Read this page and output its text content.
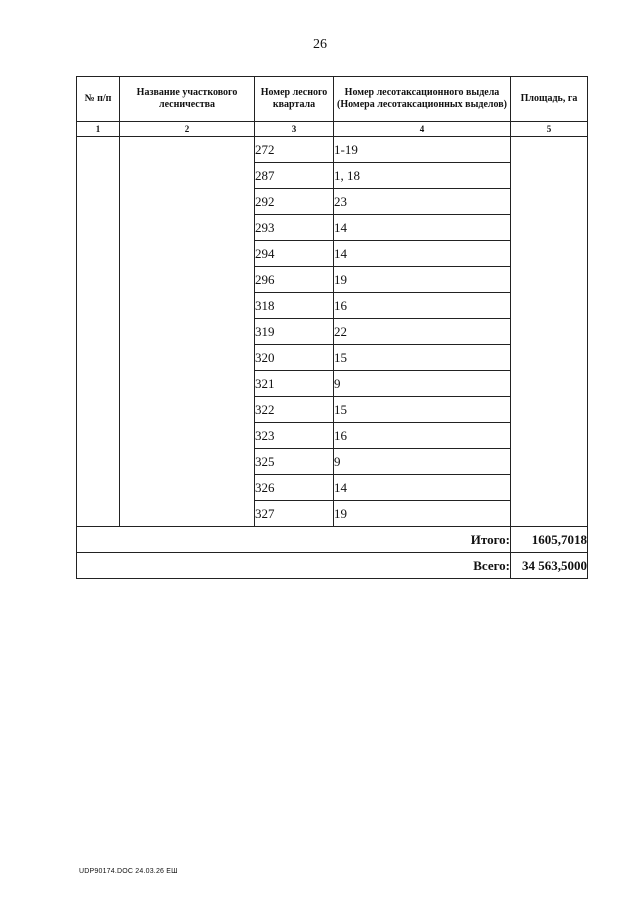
26
№ п/п	Название участкового лесничества	Номер лесного квартала	Номер лесотаксационного выдела (Номера лесотаксационных выделов)	Площадь, га
1	2	3	4	5
		272	1-19	
		287	1, 18	
		292	23	
		293	14	
		294	14	
		296	19	
		318	16	
		319	22	
		320	15	
		321	9	
		322	15	
		323	16	
		325	9	
		326	14	
		327	19	
Итого:				1605,7018
Всего:				34 563,5000
UDP90174.DOC 24.03.26 ЕШ
